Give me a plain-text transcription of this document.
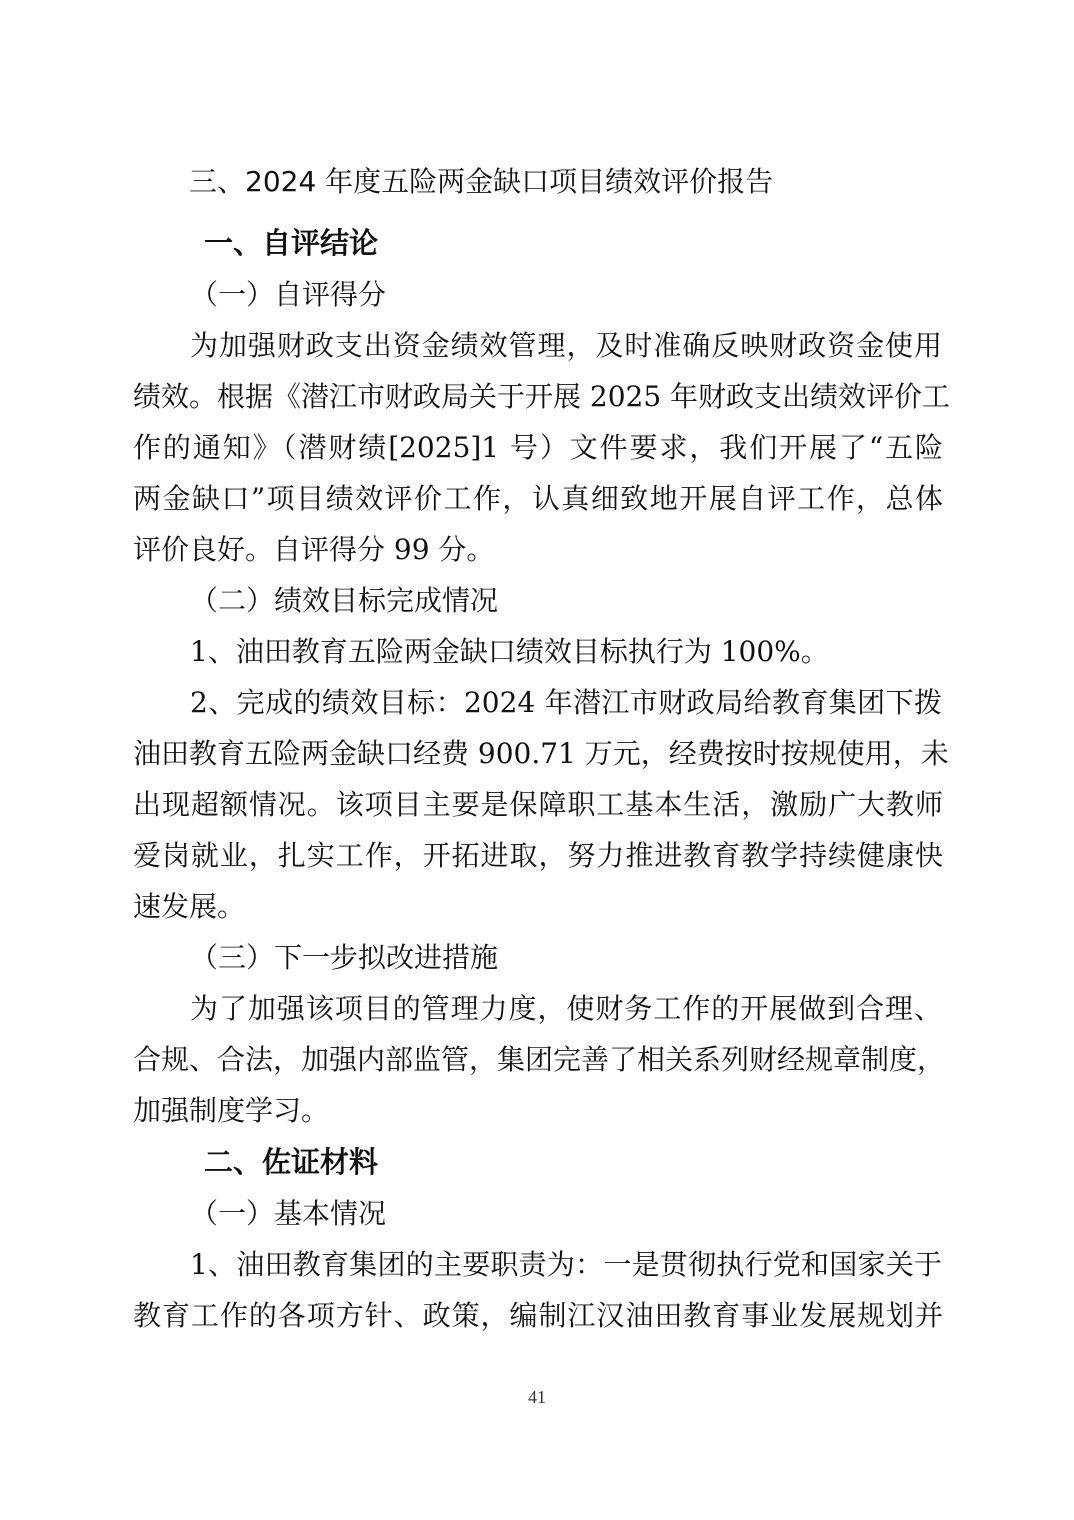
三、2024 年度五险两金缺口项目绩效评价报告
一、自评结论
（一）自评得分
为加强财政支出资金绩效管理，及时准确反映财政资金使用
绩效。根据《潜江市财政局关于开展 2025 年财政支出绩效评价工
作的通知》（潜财绩[2025]1 号）文件要求，我们开展了“五险
两金缺口”项目绩效评价工作，认真细致地开展自评工作，总体
评价良好。自评得分 99 分。
（二）绩效目标完成情况
1、油田教育五险两金缺口绩效目标执行为 100%。
2、完成的绩效目标：2024 年潜江市财政局给教育集团下拨
油田教育五险两金缺口经费 900.71 万元，经费按时按规使用，未
出现超额情况。该项目主要是保障职工基本生活，激励广大教师
爱岗就业，扎实工作，开拓进取，努力推进教育教学持续健康快
速发展。
（三）下一步拟改进措施
为了加强该项目的管理力度，使财务工作的开展做到合理、
合规、合法，加强内部监管，集团完善了相关系列财经规章制度，
加强制度学习。
二、佐证材料
（一）基本情况
1、油田教育集团的主要职责为：一是贯彻执行党和国家关于
教育工作的各项方针、政策，编制江汉油田教育事业发展规划并
41
